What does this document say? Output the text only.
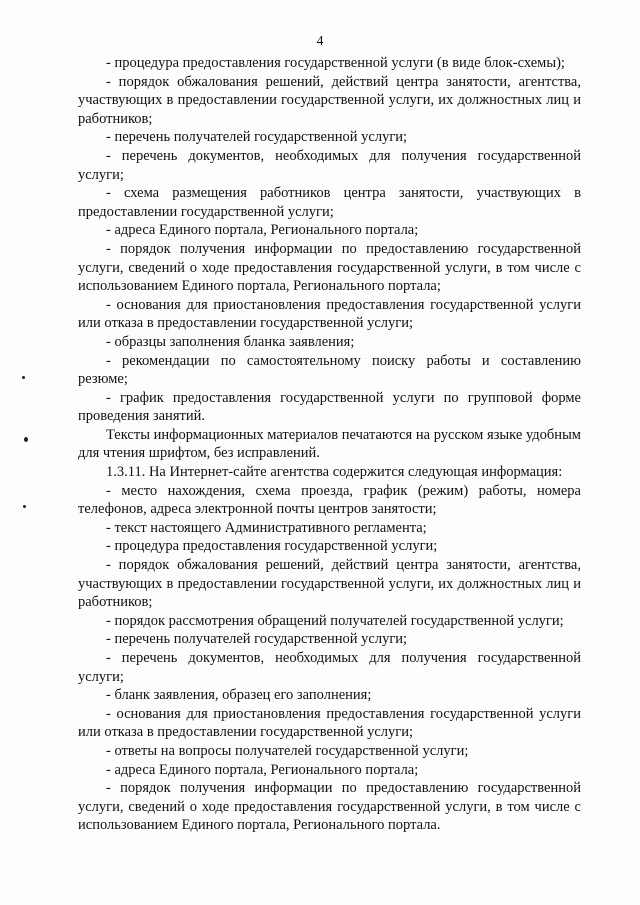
4

- процедура предоставления государственной услуги (в виде блок-схемы);

- порядок обжалования решений, действий центра занятости, агентства, участвующих в предоставлении государственной услуги, их должностных лиц и работников;

- перечень получателей государственной услуги;

- перечень документов, необходимых для получения государственной услуги;

- схема размещения работников центра занятости, участвующих в предоставлении государственной услуги;

- адреса Единого портала, Регионального портала;

- порядок получения информации по предоставлению государственной услуги, сведений о ходе предоставления государственной услуги, в том числе с использованием Единого портала, Регионального портала;

- основания для приостановления предоставления государственной услуги или отказа в предоставлении государственной услуги;

- образцы заполнения бланка заявления;

- рекомендации по самостоятельному поиску работы и составлению резюме;

- график предоставления государственной услуги по групповой форме проведения занятий.

Тексты информационных материалов печатаются на русском языке удобным для чтения шрифтом, без исправлений.

1.3.11. На Интернет-сайте агентства содержится следующая информация:

- место нахождения, схема проезда, график (режим) работы, номера телефонов, адреса электронной почты центров занятости;

- текст настоящего Административного регламента;

- процедура предоставления государственной услуги;

- порядок обжалования решений, действий центра занятости, агентства, участвующих в предоставлении государственной услуги, их должностных лиц и работников;

- порядок рассмотрения обращений получателей государственной услуги;

- перечень получателей государственной услуги;

- перечень документов, необходимых для получения государственной услуги;

- бланк заявления, образец его заполнения;

- основания для приостановления предоставления государственной услуги или отказа в предоставлении государственной услуги;

- ответы на вопросы получателей государственной услуги;

- адреса Единого портала, Регионального портала;

- порядок получения информации по предоставлению государственной услуги, сведений о ходе предоставления государственной услуги, в том числе с использованием Единого портала, Регионального портала.
